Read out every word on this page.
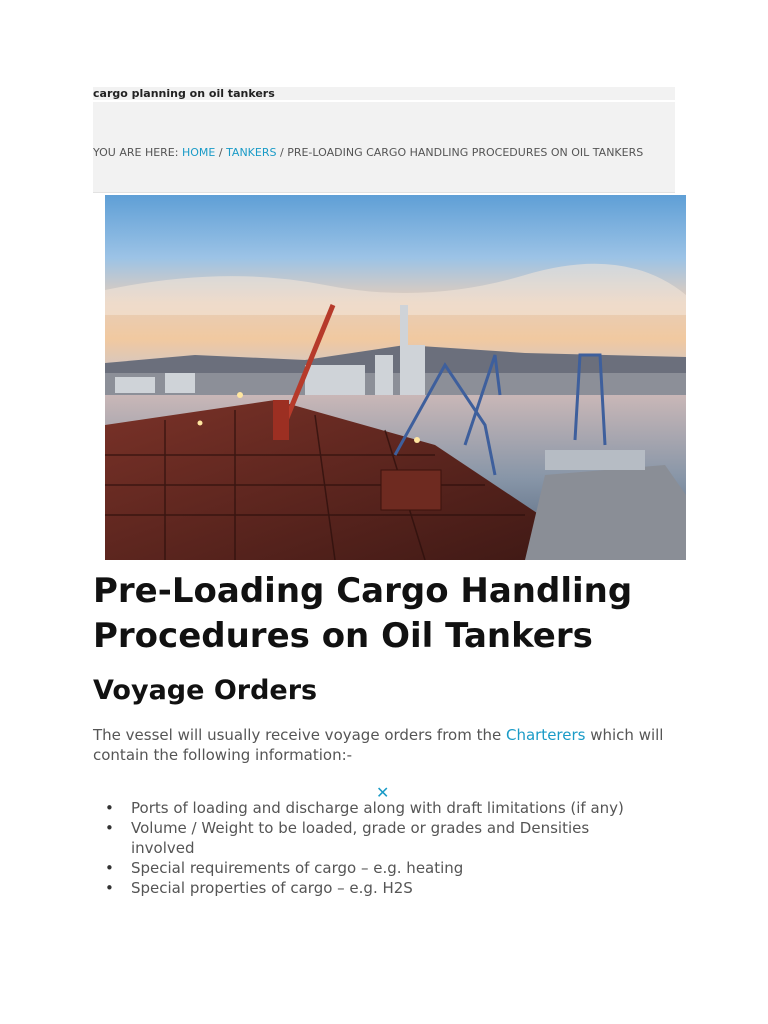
cargo planning on oil tankers
YOU ARE HERE: HOME / TANKERS / PRE-LOADING CARGO HANDLING PROCEDURES ON OIL TANKERS
Pre-Loading Cargo Handling Procedures on Oil Tankers
Voyage Orders

The vessel will usually receive voyage orders from the Charterers which will contain the following information:-

✕
• Ports of loading and discharge along with draft limitations (if any)
• Volume / Weight to be loaded, grade or grades and Densities involved
• Special requirements of cargo – e.g. heating
• Special properties of cargo – e.g. H2S
